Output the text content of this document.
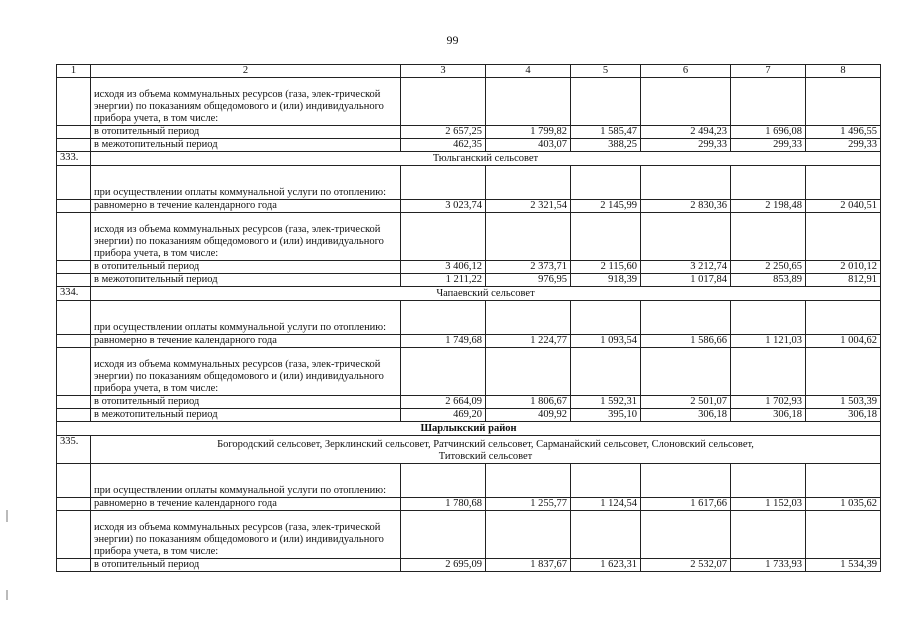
99
1	2	3	4	5	6	7	8
	исходя из объема коммунальных ресурсов (газа, элек-трической энергии) по показаниям общедомового и (или) индивидуального прибора учета, в том числе:						
	в отопительный период	2 657,25	1 799,82	1 585,47	2 494,23	1 696,08	1 496,55
	в межотопительный период	462,35	403,07	388,25	299,33	299,33	299,33
333.	Тюльганский сельсовет						
	при осуществлении оплаты коммунальной услуги по отоплению:						
	равномерно в течение календарного года	3 023,74	2 321,54	2 145,99	2 830,36	2 198,48	2 040,51
	исходя из объема коммунальных ресурсов (газа, элек-трической энергии) по показаниям общедомового и (или) индивидуального прибора учета, в том числе:						
	в отопительный период	3 406,12	2 373,71	2 115,60	3 212,74	2 250,65	2 010,12
	в межотопительный период	1 211,22	976,95	918,39	1 017,84	853,89	812,91
334.	Чапаевский сельсовет						
	при осуществлении оплаты коммунальной услуги по отоплению:						
	равномерно в течение календарного года	1 749,68	1 224,77	1 093,54	1 586,66	1 121,03	1 004,62
	исходя из объема коммунальных ресурсов (газа, элек-трической энергии) по показаниям общедомового и (или) индивидуального прибора учета, в том числе:						
	в отопительный период	2 664,09	1 806,67	1 592,31	2 501,07	1 702,93	1 503,39
	в межотопительный период	469,20	409,92	395,10	306,18	306,18	306,18
Шарлыкский район							
335.	Богородский сельсовет, Зерклинский сельсовет, Ратчинский сельсовет, Сарманайский сельсовет, Слоновский сельсовет, Титовский сельсовет						
	при осуществлении оплаты коммунальной услуги по отоплению:						
	равномерно в течение календарного года	1 780,68	1 255,77	1 124,54	1 617,66	1 152,03	1 035,62
	исходя из объема коммунальных ресурсов (газа, элек-трической энергии) по показаниям общедомового и (или) индивидуального прибора учета, в том числе:						
	в отопительный период	2 695,09	1 837,67	1 623,31	2 532,07	1 733,93	1 534,39
